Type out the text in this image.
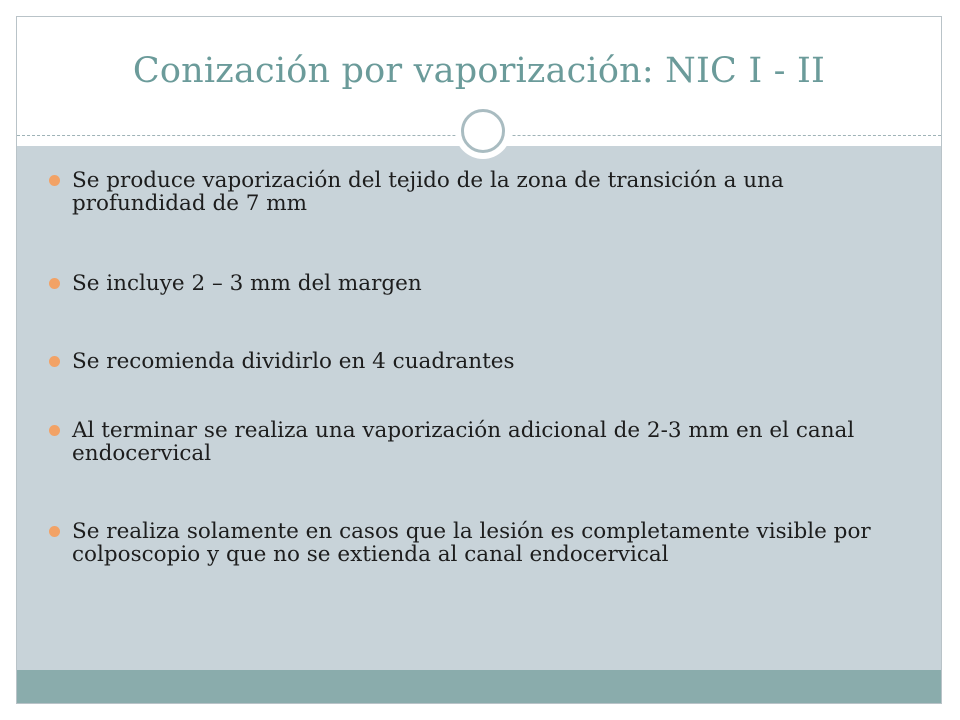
Conización por vaporización: NIC I - II
Se produce vaporización del tejido de la zona de transición a una profundidad de 7 mm
Se incluye 2 – 3 mm del margen
Se recomienda dividirlo en 4 cuadrantes
Al terminar se realiza una vaporización adicional de 2-3 mm en el canal endocervical
Se realiza solamente en casos que la lesión es completamente visible por colposcopio y que no se extienda al canal endocervical
